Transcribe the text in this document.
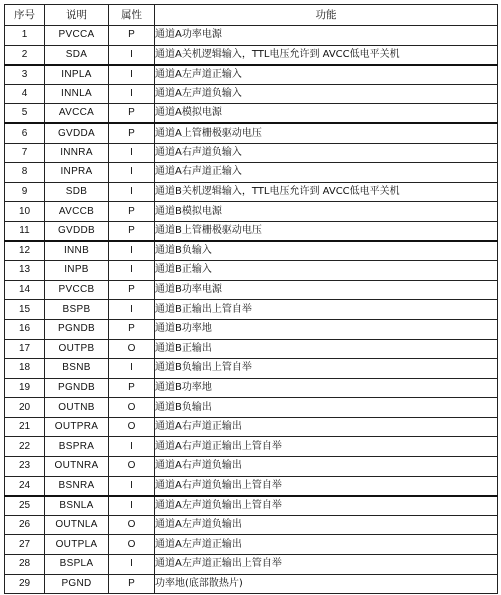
序号	说明	属性	功能
1	PVCCA	P	通道A功率电源
2	SDA	I	通道A关机逻辑输入，TTL电压允许到 AVCC低电平关机
3	INPLA	I	通道A左声道正输入
4	INNLA	I	通道A左声道负输入
5	AVCCA	P	通道A模拟电源
6	GVDDA	P	通道A上管栅极驱动电压
7	INNRA	I	通道A右声道负输入
8	INPRA	I	通道A右声道正输入
9	SDB	I	通道B关机逻辑输入，TTL电压允许到 AVCC低电平关机
10	AVCCB	P	通道B模拟电源
11	GVDDB	P	通道B上管栅极驱动电压
12	INNB	I	通道B负输入
13	INPB	I	通道B正输入
14	PVCCB	P	通道B功率电源
15	BSPB	I	通道B正输出上管自举
16	PGNDB	P	通道B功率地
17	OUTPB	O	通道B正输出
18	BSNB	I	通道B负输出上管自举
19	PGNDB	P	通道B功率地
20	OUTNB	O	通道B负输出
21	OUTPRA	O	通道A右声道正输出
22	BSPRA	I	通道A右声道正输出上管自举
23	OUTNRA	O	通道A右声道负输出
24	BSNRA	I	通道A右声道负输出上管自举
25	BSNLA	I	通道A左声道负输出上管自举
26	OUTNLA	O	通道A左声道负输出
27	OUTPLA	O	通道A左声道正输出
28	BSPLA	I	通道A左声道正输出上管自举
29	PGND	P	功率地(底部散热片)
